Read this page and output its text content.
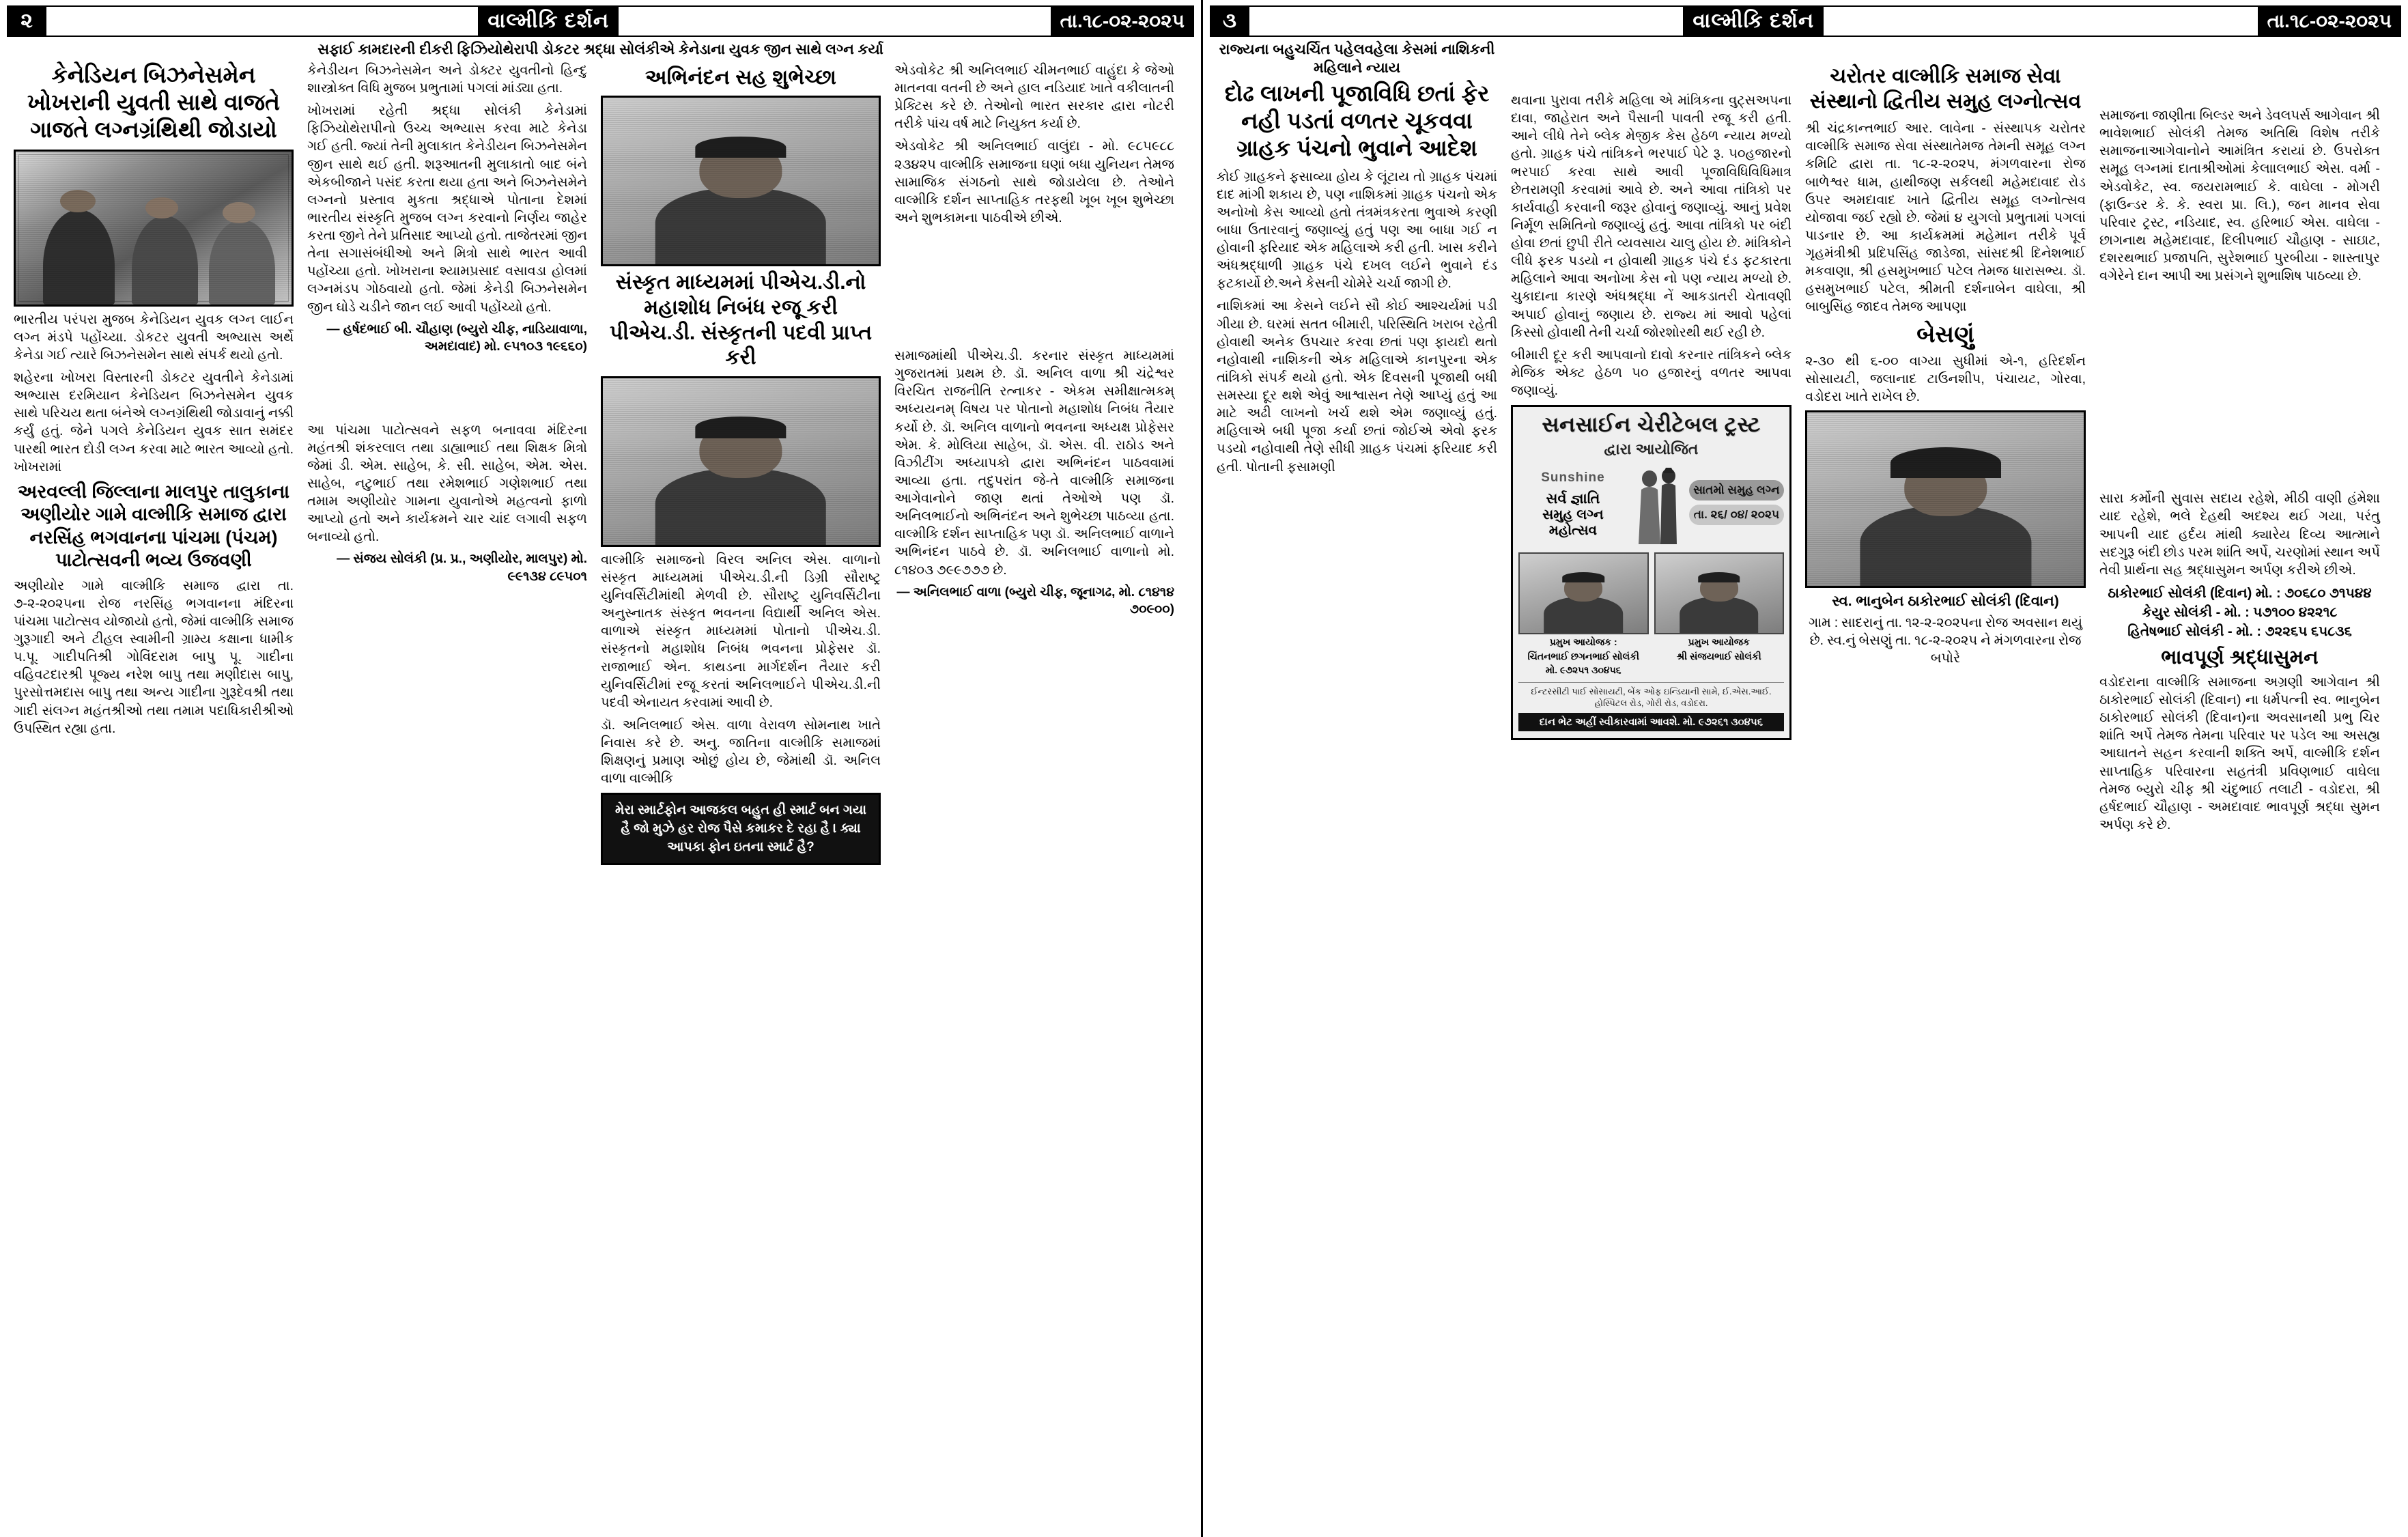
૨	વાલ્મીકિ દર્શન	તા.૧૮-૦૨-૨૦૨૫
સફાઈ કામદારની દીકરી ફિઝિયોથેરાપી ડોકટર શ્રદ્ધા સોલંકીએ કેનેડાના યુવક જીન સાથે લગ્ન કર્યા
કેનેડિયન બિઝનેસમેન ખોખરાની યુવતી સાથે વાજતે ગાજતે લગ્નગ્રંથિથી જોડાયો
ભારતીય પરંપરા મુજબ કેનેડિયન યુવક લગ્ન લાઈન લગ્ન મંડપે પહોંચ્યા. ડોકટર યુવતી અભ્યાસ અર્થે કેનેડા ગઈ ત્યારે બિઝનેસમેન સાથે સંપર્ક થયો હતો.
શહેરના ખોખરા વિસ્તારની ડોકટર યુવતીને કેનેડામાં અભ્યાસ દરમિયાન કેનેડિયન બિઝનેસમેન યુવક સાથે પરિચય થતા બંનેએ લગ્નગ્રંથિથી જોડાવાનું નક્કી કર્યું હતું. જેને પગલે કેનેડિયન યુવક સાત સમંદર પારથી ભારત દોડી લગ્ન કરવા માટે ભારત આવ્યો હતો. ખોખરામાં
અરવલ્લી જિલ્લાના માલપુર તાલુકાના અણીયોર ગામે વાલ્મીકિ સમાજ દ્વારા નરસિંહ ભગવાનના પાંચમા (પંચમ) પાટોત્સવની ભવ્ય ઉજવણી
અણીયોર ગામે વાલ્મીકિ સમાજ દ્વારા તા. ૭-૨-૨૦૨૫ના રોજ નરસિંહ ભગવાનના મંદિરના પાંચમા પાટોત્સવ યોજાયો હતો, જેમાં વાલ્મીકિ સમાજ ગુરૂગાદી અને ટીહલ સ્વામીની ગ્રામ્ય કક્ષાના ધામીક પ.પૂ. ગાદીપતિશ્રી ગોવિંદરામ બાપુ પૂ. ગાદીના વહિવટદારશ્રી પૂજ્ય નરેશ બાપુ તથા મણીદાસ બાપુ, પુરસોત્તમદાસ બાપુ તથા અન્ય ગાદીના ગુરૂદેવશ્રી તથા ગાદી સંલગ્ન મહંતશ્રીઓ તથા તમામ પદાધિકારીશ્રીઓ ઉપસ્થિત રહ્યા હતા.
કેનેડીયન બિઝનેસમેન અને ડોક્ટર યુવતીનો હિન્દુ શાસ્ત્રોક્ત વિધિ મુજબ પ્રભુતામાં પગલાં માંડ્યા હતા.
ખોખરામાં રહેતી શ્રદ્ધા સોલંકી કેનેડામાં ફિઝિયોથેરાપીનો ઉચ્ચ અભ્યાસ કરવા માટે કેનેડા ગઈ હતી. જ્યાં તેની મુલાકાત કેનેડીયન બિઝનેસમેન જીન સાથે થઈ હતી. શરૂઆતની મુલાકાતો બાદ બંને એકબીજાને પસંદ કરતા થયા હતા અને બિઝનેસમેને લગ્નનો પ્રસ્તાવ મુકતા શ્રદ્ધાએ પોતાના દેશમાં ભારતીય સંસ્કૃતિ મુજબ લગ્ન કરવાનો નિર્ણય જાહેર કરતા જીને તેને પ્રતિસાદ આપ્યો હતો. તાજેતરમાં જીન તેના સગાસંબંધીઓ અને મિત્રો સાથે ભારત આવી પહોંચ્યા હતો. ખોખરાના શ્યામપ્રસાદ વસાવડા હોલમાં લગ્નમંડપ ગોઠવાયો હતો. જેમાં કેનેડી બિઝનેસમેન જીન ઘોડે ચડીને જાન લઈ આવી પહોંચ્યો હતો.
— હર્ષદભાઈ બી. ચૌહાણ (બ્યુરો ચીફ, નાડિયાવાળા, અમદાવાદ) મો. ૯૫૧૦૩ ૧૯૬૬૦)
આ પાંચમા પાટોત્સવને સફળ બનાવવા મંદિરના મહંતશ્રી શંકરલાલ તથા ડાહ્યાભાઈ તથા શિક્ષક મિત્રો જેમાં ડી. એમ. સાહેબ, કે. સી. સાહેબ, એમ. એસ. સાહેબ, નટુભાઈ તથા રમેશભાઈ ગણેશભાઈ તથા તમામ અણીયોર ગામના યુવાનોએ મહત્વનો ફાળો આપ્યો હતો અને કાર્યક્રમને ચાર ચાંદ લગાવી સફળ બનાવ્યો હતો.
— સંજય સોલંકી (પ્ર. પ્ર., અણીયોર, માલપુર) મો. ૯૯૧૩૪ ૮૯૫૦૧
અભિનંદન સહ શુભેચ્છા
સંસ્કૃત માધ્યમમાં પીએચ.ડી.નો મહાશોધ નિબંધ રજૂ કરી પીએચ.ડી. સંસ્કૃતની પદવી પ્રાપ્ત કરી
વાલ્મીકિ સમાજનો વિરલ અનિલ એસ. વાળાનો સંસ્કૃત માધ્યમમાં પીએચ.ડી.ની ડિગ્રી સૌરાષ્ટ્ર યુનિવર્સિટીમાંથી મેળવી છે. સૌરાષ્ટ્ર યુનિવર્સિટીના અનુસ્નાતક સંસ્કૃત ભવનના વિદ્યાર્થી અનિલ એસ. વાળાએ સંસ્કૃત માધ્યમમાં પોતાનો પીએચ.ડી. સંસ્કૃતનો મહાશોધ નિબંધ ભવનના પ્રોફેસર ડૉ. રાજાભાઈ એન. કાથડના માર્ગદર્શન તૈયાર કરી યુનિવર્સિટીમાં રજૂ કરતાં અનિલભાઈને પીએચ.ડી.ની પદવી એનાયત કરવામાં આવી છે.
ડૉ. અનિલભાઈ એસ. વાળા વેરાવળ સોમનાથ ખાતે નિવાસ કરે છે. અનુ. જાતિના વાલ્મીકિ સમાજમાં શિક્ષણનું પ્રમાણ ઓછું હોય છે, જેમાંથી ડૉ. અનિલ વાળા વાલ્મીકિ
મેરા સ્માર્ટફોન આજકલ બહુત હી સ્માર્ટ બન ગયા હૈ જો મુઝે હર રોજ પૈસે કમાકર દે રહા હૈ । ક્યા આપકા ફોન ઇતના સ્માર્ટ હૈ?
એડવોકેટ શ્રી અનિલભાઈ ચીમનભાઈ વાહુંદા કે જેઓ માતનવા વતની છે અને હાલ નડિયાદ ખાતે વકીલાતની પ્રેક્ટિસ કરે છે. તેઓનો ભારત સરકાર દ્વારા નોટરી તરીકે પાંચ વર્ષ માટે નિયુક્ત કર્યા છે.
એડવોકેટ શ્રી અનિલભાઈ વાલુંદા - મો. ૯૮૫૯૮૮ ૨૩૪૨૫ વાલ્મીકિ સમાજના ઘણાં બધા યુનિયન તેમજ સામાજિક સંગઠનો સાથે જોડાયેલા છે. તેઓને વાલ્મીકિ દર્શન સાપ્તાહિક તરફથી ખૂબ ખૂબ શુભેચ્છા અને શુભકામના પાઠવીએ છીએ.
સમાજમાંથી પીએચ.ડી. કરનાર સંસ્કૃત માધ્યમમાં ગુજરાતમાં પ્રથમ છે. ડૉ. અનિલ વાળા શ્રી ચંદ્રેશ્વર વિરચિત રાજનીતિ રત્નાકર - એકમ સમીક્ષાત્મકમ્ અધ્યયનમ્ વિષય પર પોતાનો મહાશોધ નિબંધ તૈયાર કર્યો છે. ડૉ. અનિલ વાળાનો ભવનના અધ્યક્ષ પ્રોફેસર એમ. કે. મોલિયા સાહેબ, ડૉ. એસ. વી. રાઠોડ અને વિઝીટીંગ અધ્યાપકો દ્વારા અભિનંદન પાઠવવામાં આવ્યા હતા. તદુપરાંત જે-તે વાલ્મીકિ સમાજના આગેવાનોને જાણ થતાં તેઓએ પણ ડૉ. અનિલભાઈનો અભિનંદન અને શુભેચ્છા પાઠવ્યા હતા. વાલ્મીકિ દર્શન સાપ્તાહિક પણ ડૉ. અનિલભાઈ વાળાને અભિનંદન પાઠવે છે. ડૉ. અનિલભાઈ વાળાનો મો. ૮૧૪૦૩ ૭૯૯૭૭૭ છે.
— અનિલભાઈ વાળા (બ્યુરો ચીફ, જૂનાગઢ, મો. ૮૧૪૧૪ ૭૦૯૦૦)
૩	વાલ્મીકિ દર્શન	તા.૧૮-૦૨-૨૦૨૫
રાજ્યના બહુચર્ચિત પહેલવહેલા કેસમાં નાશિકની મહિલાને ન્યાય
દોઢ લાખની પૂજાવિધિ છતાં ફેર નહી પડતાં વળતર ચૂકવવા ગ્રાહક પંચનો ભુવાને આદેશ
કોઈ ગ્રાહકને ફસાવ્યા હોય કે લૂંટાય તો ગ્રાહક પંચમાં દાદ માંગી શકાય છે, પણ નાશિકમાં ગ્રાહક પંચનો એક અનોખો કેસ આવ્યો હતો તંત્રમંત્રકરતા ભુવાએ કરણી બાધા ઉતારવાનું જણાવ્યું હતું પણ આ બાધા ગઈ ન હોવાની ફરિયાદ એક મહિલાએ કરી હતી. ખાસ કરીને અંધશ્રદ્ધાળી ગ્રાહક પંચે દખલ લઈને ભુવાને દંડ ફટકાર્યો છે.અને કેસની ચોમેરે ચર્ચા જાગી છે.
નાશિકમાં આ કેસને લઈને સૌ કોઈ આશ્ચર્યમાં પડી ગીયા છે. ઘરમાં સતત બીમારી, પરિસ્થિતિ ખરાબ રહેતી હોવાથી અનેક ઉપચાર કરવા છતાં પણ ફાયદો થતો નહોવાથી નાશિકની એક મહિલાએ કાનપુરના એક તાંત્રિકો સંપર્ક થયો હતો. એક દિવસની પૂજાથી બધી સમસ્યા દૂર થશે એવું આશ્વાસન તેણે આપ્યું હતું આ માટે અઢી લાખનો ખર્ચ થશે એમ જણાવ્યું હતું. મહિલાએ બધી પૂજા કર્યા છતાં જોઈએ એવો ફરક પડયો નહોવાથી તેણે સીધી ગ્રાહક પંચમાં ફરિયાદ કરી હતી. પોતાની ફસામણી
થવાના પુરાવા તરીકે મહિલા એ માંત્રિકના વુટ્સઅપના દાવા, જાહેરાત અને પૈસાની પાવતી રજૂ કરી હતી. આને લીધે તેને બ્લેક મેજીક કેસ હેઠળ ન્યાય મળ્યો હતો. ગ્રાહક પંચે તાંત્રિકને ભરપાઈ પેટે રૂ. ૫૦હજારનો ભરપાઈ કરવા સાથે આવી પૂજાવિધિવિધિમાત્ર છેતરામણી કરવામાં આવે છે. અને આવા તાંત્રિકો પર કાર્યવાહી કરવાની જરૂર હોવાનું જણાવ્યું. આનું પ્રવેશ નિર્મૂળ સમિતિનો જણાવ્યું હતું. આવા તાંત્રિકો પર બંદી હોવા છતાં છુપી રીતે વ્યવસાય ચાલુ હોય છે. માંત્રિકોને લીધે ફરક પડયો ન હોવાથી ગ્રાહક પંચે દંડ ફટકારતા મહિલાને આવા અનોખા કેસ નો પણ ન્યાય મળ્યો છે. ચુકાદાના કારણે અંધશ્રદ્ધા નેં આકડાતરી ચેતાવણી અપાઈ હોવાનું જણાય છે. રાજ્ય માં આવો પહેલાં કિસ્સો હોવાથી તેની ચર્ચા જોરશોરથી થઈ રહી છે.
બીમારી દૂર કરી આપવાનો દાવો કરનાર તાંત્રિકને બ્લેક મેજિક એક્ટ હેઠળ ૫૦ હજારનું વળતર આપવા જણાવ્યું.
સનસાઈન ચેરીટેબલ ટ્રસ્ટ
દ્વારા આયોજિત
Sunshine
સર્વ જ્ઞાતિ
સમુહ લગ્ન મહોત્સવ
સાતમો સમુહ લગ્ન
તા. ૨૬/ ૦૪/ ૨૦૨૫
પ્રમુખ આયોજક :
ચિંતનભાઈ છગનભાઈ સોલંકી
મો. ૯૭૨૫૧ ૩૦૪૫૬
પ્રમુખ આયોજક
શ્રી સંજયભાઈ સોલંકી
ઈન્ટરસીટી પાઈ સોસાયટી, બેંક ઓફ ઇન્ડિયાની સામે, ઈ.એસ.આઈ. હોસ્પિટલ રોડ, ગોરી રોડ, વડોદરા.
દાન ભેટ અહીં સ્વીકારવામાં આવશે. મો. ૯૭૨૬૧ ૩૦૪૫૬
ચરોતર વાલ્મીકિ સમાજ સેવા સંસ્થાનો દ્વિતીય સમુહ લગ્નોત્સવ
શ્રી ચંદ્રકાન્તભાઈ આર. લાવેના - સંસ્થાપક ચરોતર વાલ્મીકિ સમાજ સેવા સંસ્થાતેમજ તેમની સમૂહ લગ્ન કમિટિ દ્વારા તા. ૧૮-૨-૨૦૨૫, મંગળવારના રોજ બાળેશ્વર ધામ, હાથીજણ સર્કલથી મહેમદાવાદ રોડ ઉપર અમદાવાદ ખાતે દ્વિતીય સમૂહ લગ્નોત્સવ યોજાવા જઈ રહ્યો છે. જેમાં ૪ યુગલો પ્રભુતામાં પગલાં પાડનાર છે. આ કાર્યક્રમમાં મહેમાન તરીકે પૂર્વ ગૃહમંત્રીશ્રી પ્રદિપસિંહ જાડેજા, સાંસદશ્રી દિનેશભાઈ મકવાણા, શ્રી હસમુખભાઈ પટેલ તેમજ ધારાસભ્ય. ડૉ. હસમુખભાઈ પટેલ, શ્રીમતી દર્શનાબેન વાઘેલા, શ્રી બાબુસિંહ જાદવ તેમજ આપણા
બેસણું
૨-૩૦ થી ૬-૦૦ વાગ્યા સુધીમાં એ-૧, હરિદર્શન સોસાયટી, જલાનાદ ટાઉનશીપ, પંચાયટ, ગોરવા, વડોદરા ખાતે રાખેલ છે.
સ્વ. ભાનુબેન ઠાકોરભાઈ સોલંકી (દિવાન)
ગામ : સાદરાનું તા. ૧૨-૨-૨૦૨૫ના રોજ અવસાન થયું છે. સ્વ.નું બેસણું તા. ૧૮-૨-૨૦૨૫ ને મંગળવારના રોજ બપોરે
સમાજના જાણીતા બિલ્ડર અને ડેવલપર્સ આગેવાન શ્રી ભાવેશભાઈ સોલંકી તેમજ અતિથિ વિશેષ તરીકે સમાજનાઆગેવાનોને આમંત્રિત કરાયાં છે. ઉપરોક્ત સમૂહ લગ્નમાં દાતાશ્રીઓમાં કેલાાલભાઈ એસ. વર્મા - એડવોકેટ, સ્વ. જયરામભાઈ કે. વાઘેલા - મોગરી (ફાઉન્ડર કે. કે. સ્વરા પ્રા. લિ.), જન માનવ સેવા પરિવાર ટ્રસ્ટ, નડિયાદ, સ્વ. હરિભાઈ એસ. વાઘેલા - છાગનાથ મહેમદાવાદ, દિલીપભાઈ ચૌહાણ - સાઇાંટ, દશરથભાઈ પ્રજાપતિ, સુરેશભાઈ પુરબીયા - શાસ્તાપુર વગેરેને દાન આપી આ પ્રસંગને શુભાશિષ પાઠવ્યા છે.
સારા કર્મોની સુવાસ સદાય રહેશે, મીઠી વાણી હંમેશા યાદ રહેશે, ભલે દેહથી અદશ્ય થઈ ગયા, પરંતુ આપની યાદ હર્દય માંથી ક્યારેય દિવ્ય આત્માને સદગુરૂ બંદી છોડ પરમ શાંતિ અર્પે, ચરણોમાં સ્થાન અર્પે તેવી પ્રાર્થના સહ શ્રદ્ધાસુમન અર્પણ કરીએ છીએ.
ઠાકોરભાઈ સોલંકી (દિવાન) મો. : ૭૦૬૮૦ ૭૧૫૪૪
કેયુર સોલંકી - મો. : ૫૭૧૦૦ ૪૨૨૧૮
હિતેષભાઈ સોલંકી - મો. : ૭૨૨૬૫ ૬૫૮૩૬
ભાવપૂર્ણ શ્રદ્ધાસુમન
વડોદરાના વાલ્મીકિ સમાજના અગ્રણી આગેવાન શ્રી ઠાકોરભાઈ સોલંકી (દિવાન) ના ધર્મપત્ની સ્વ. ભાનુબેન ઠાકોરભાઈ સોલંકી (દિવાન)ના અવસાનથી પ્રભુ ચિર શાંતિ અર્પે તેમજ તેમના પરિવાર પર પડેલ આ અસહ્ય આઘાતને સહન કરવાની શક્તિ અર્પે, વાલ્મીકિ દર્શન સાપ્તાહિક પરિવારના સહતંત્રી પ્રવિણભાઈ વાઘેલા તેમજ બ્યુરો ચીફ શ્રી ચંદુભાઈ તલાટી - વડોદરા, શ્રી હર્ષદભાઈ ચૌહાણ - અમદાવાદ ભાવપૂર્ણ શ્રદ્ધા સુમન અર્પણ કરે છે.
